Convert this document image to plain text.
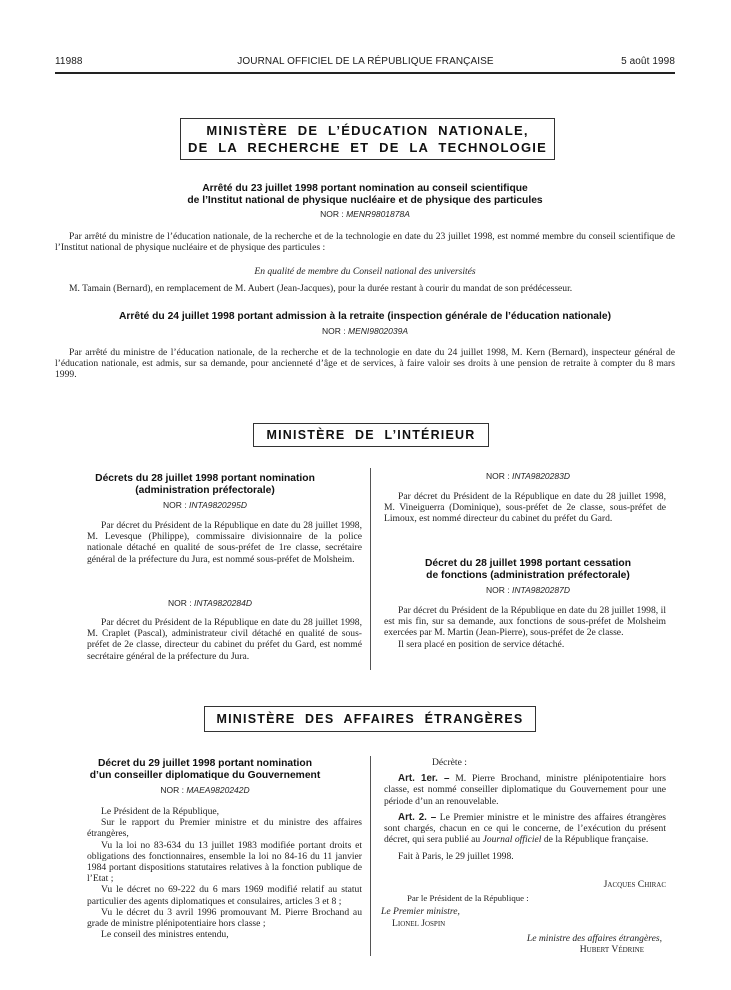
11988	JOURNAL OFFICIEL DE LA RÉPUBLIQUE FRANÇAISE	5 août 1998
MINISTÈRE DE L’ÉDUCATION NATIONALE,
DE LA RECHERCHE ET DE LA TECHNOLOGIE
Arrêté du 23 juillet 1998 portant nomination au conseil scientifique
de l’Institut national de physique nucléaire et de physique des particules
NOR : MENR9801878A

Par arrêté du ministre de l’éducation nationale, de la recherche et de la technologie en date du 23 juillet 1998, est nommé membre du conseil scientifique de l’Institut national de physique nucléaire et de physique des particules :

En qualité de membre du Conseil national des universités

M. Tamain (Bernard), en remplacement de M. Aubert (Jean-Jacques), pour la durée restant à courir du mandat de son prédécesseur.

Arrêté du 24 juillet 1998 portant admission à la retraite (inspection générale de l’éducation nationale)
NOR : MENI9802039A

Par arrêté du ministre de l’éducation nationale, de la recherche et de la technologie en date du 24 juillet 1998, M. Kern (Bernard), inspecteur général de l’éducation nationale, est admis, sur sa demande, pour ancienneté d’âge et de services, à faire valoir ses droits à une pension de retraite à compter du 8 mars 1999.

MINISTÈRE DE L’INTÉRIEUR
Décrets du 28 juillet 1998 portant nomination
(administration préfectorale)
NOR : INTA9820295D

Par décret du Président de la République en date du 28 juillet 1998, M. Levesque (Philippe), commissaire divisionnaire de la police nationale détaché en qualité de sous-préfet de 1re classe, secrétaire général de la préfecture du Jura, est nommé sous-préfet de Molsheim.

NOR : INTA9820284D

Par décret du Président de la République en date du 28 juillet 1998, M. Craplet (Pascal), administrateur civil détaché en qualité de sous-préfet de 2e classe, directeur du cabinet du préfet du Gard, est nommé secrétaire général de la préfecture du Jura.

NOR : INTA9820283D

Par décret du Président de la République en date du 28 juillet 1998, M. Vineiguerra (Dominique), sous-préfet de 2e classe, sous-préfet de Limoux, est nommé directeur du cabinet du préfet du Gard.

Décret du 28 juillet 1998 portant cessation
de fonctions (administration préfectorale)
NOR : INTA9820287D

Par décret du Président de la République en date du 28 juillet 1998, il est mis fin, sur sa demande, aux fonctions de sous-préfet de Molsheim exercées par M. Martin (Jean-Pierre), sous-préfet de 2e classe.

Il sera placé en position de service détaché.

MINISTÈRE DES AFFAIRES ÉTRANGÈRES
Décret du 29 juillet 1998 portant nomination
d’un conseiller diplomatique du Gouvernement
NOR : MAEA9820242D

Le Président de la République,

Sur le rapport du Premier ministre et du ministre des affaires étrangères,

Vu la loi no 83-634 du 13 juillet 1983 modifiée portant droits et obligations des fonctionnaires, ensemble la loi no 84-16 du 11 janvier 1984 portant dispositions statutaires relatives à la fonction publique de l’Etat ;

Vu le décret no 69-222 du 6 mars 1969 modifié relatif au statut particulier des agents diplomatiques et consulaires, articles 3 et 8 ;

Vu le décret du 3 avril 1996 promouvant M. Pierre Brochand au grade de ministre plénipotentiaire hors classe ;

Le conseil des ministres entendu,

Décrète :

Art. 1er. – M. Pierre Brochand, ministre plénipotentiaire hors classe, est nommé conseiller diplomatique du Gouvernement pour une période d’un an renouvelable.

Art. 2. – Le Premier ministre et le ministre des affaires étrangères sont chargés, chacun en ce qui le concerne, de l’exécution du présent décret, qui sera publié au Journal officiel de la République française.

Fait à Paris, le 29 juillet 1998.

Jacques Chirac
Par le Président de la République :
Le Premier ministre,
Lionel Jospin
Le ministre des affaires étrangères,
Hubert Védrine
